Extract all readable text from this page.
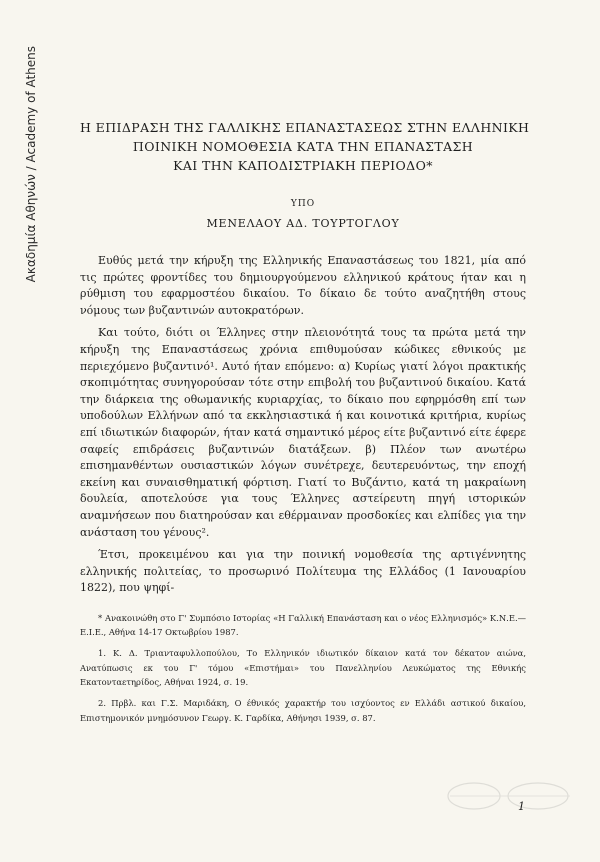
Ακαδημία Αθηνών / Academy of Athens	Η ΕΠΙΔΡΑΣΗ ΤΗΣ ΓΑΛΛΙΚΗΣ ΕΠΑΝΑΣΤΑΣΕΩΣ ΣΤΗΝ ΕΛΛΗΝΙΚΗ
ΠΟΙΝΙΚΗ ΝΟΜΟΘΕΣΙΑ ΚΑΤΑ ΤΗΝ ΕΠΑΝΑΣΤΑΣΗ
ΚΑΙ ΤΗΝ ΚΑΠΟΔΙΣΤΡΙΑΚΗ ΠΕΡΙΟΔΟ*
ΥΠΟ
ΜΕΝΕΛΑΟΥ ΑΔ. ΤΟΥΡΤΟΓΛΟΥ

Ευθύς μετά την κήρυξη της Ελληνικής Επαναστάσεως του 1821, μία από τις πρώτες φροντίδες του δημιουργούμενου ελληνικού κράτους ήταν και η ρύθμιση του εφαρμοστέου δικαίου. Το δίκαιο δε τούτο αναζητήθη στους νόμους των βυζαντινών αυτοκρατόρων.

Και τούτο, διότι οι Έλληνες στην πλειονότητά τους τα πρώτα μετά την κήρυξη της Επαναστάσεως χρόνια επιθυμούσαν κώδικες εθνικούς με περιεχόμενο βυζαντινό¹. Αυτό ήταν επόμενο: α) Κυρίως γιατί λόγοι πρακτικής σκοπιμότητας συνηγορούσαν τότε στην επιβολή του βυζαντινού δικαίου. Κατά την διάρκεια της οθωμανικής κυριαρχίας, το δίκαιο που εφηρμόσθη επί των υποδούλων Ελλήνων από τα εκκλησιαστικά ή και κοινοτικά κριτήρια, κυρίως επί ιδιωτικών διαφορών, ήταν κατά σημαντικό μέρος είτε βυζαντινό είτε έφερε σαφείς επιδράσεις βυζαντινών διατάξεων. β) Πλέον των ανωτέρω επισημανθέντων ουσιαστικών λόγων συνέτρεχε, δευτερευόντως, την εποχή εκείνη και συναισθηματική φόρτιση. Γιατί το Βυζάντιο, κατά τη μακραίωνη δουλεία, αποτελούσε για τους Έλληνες αστείρευτη πηγή ιστορικών αναμνήσεων που διατηρούσαν και εθέρμαιναν προσδοκίες και ελπίδες για την ανάσταση του γένους².

Έτσι, προκειμένου και για την ποινική νομοθεσία της αρτιγέννητης ελληνικής πολιτείας, το προσωρινό Πολίτευμα της Ελλάδος (1 Ιανουαρίου 1822), που ψηφί-

* Ανακοινώθη στο Γ' Συμπόσιο Ιστορίας «Η Γαλλική Επανάσταση και ο νέος Ελληνισμός» Κ.Ν.Ε.—Ε.Ι.Ε., Αθήνα 14-17 Οκτωβρίου 1987.

1. Κ. Δ. Τριανταφυλλοπούλου, Το Ελληνικόν ιδιωτικόν δίκαιον κατά τον δέκατον αιώνα, Ανατύπωσις εκ του Γ' τόμου «Επιστήμαι» του Πανελληνίου Λευκώματος της Εθνικής Εκατονταετηρίδος, Αθήναι 1924, σ. 19.

2. Πρβλ. και Γ.Σ. Μαριδάκη, Ο έθνικός χαρακτήρ του ισχύοντος εν Ελλάδι αστικού δικαίου, Επιστημονικόν μνημόσυνον Γεωργ. Κ. Γαρδίκα, Αθήνησι 1939, σ. 87.

1
